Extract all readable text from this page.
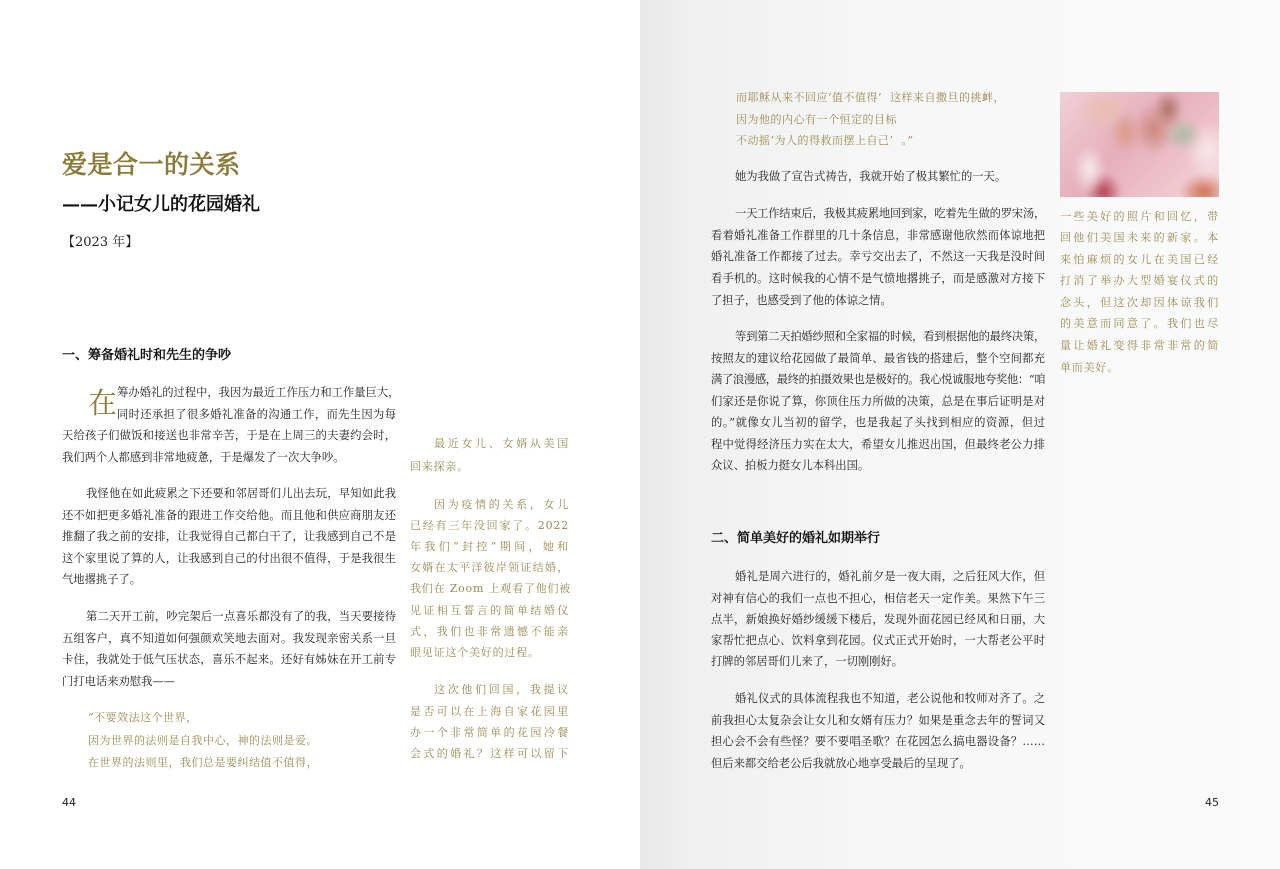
爱是合一的关系
——小记女儿的花园婚礼
【2023 年】
一、筹备婚礼时和先生的争吵
在 筹办婚礼的过程中，我因为最近工作压力和工作量巨大，
同时还承担了很多婚礼准备的沟通工作，而先生因为每
天给孩子们做饭和接送也非常辛苦，于是在上周三的夫妻约会时，
我们两个人都感到非常地疲惫，于是爆发了一次大争吵。
我怪他在如此疲累之下还要和邻居哥们儿出去玩，早知如此我
还不如把更多婚礼准备的跟进工作交给他。而且他和供应商朋友还
推翻了我之前的安排，让我觉得自己都白干了，让我感到自己不是
这个家里说了算的人，让我感到自己的付出很不值得，于是我很生
气地撂挑子了。
第二天开工前，吵完架后一点喜乐都没有了的我，当天要接待
五组客户，真不知道如何强颜欢笑地去面对。我发现亲密关系一旦
卡住，我就处于低气压状态，喜乐不起来。还好有姊妹在开工前专
门打电话来劝慰我——
“不要效法这个世界，
因为世界的法则是自我中心，神的法则是爱。
在世界的法则里，我们总是要纠结值不值得，
最近女儿、女婿从美国
回来探亲。
因为疫情的关系，女儿
已经有三年没回家了。2022
年我们“封控”期间，她和
女婿在太平洋彼岸领证结婚，
我们在 Zoom 上观看了他们被
见证相互誓言的简单结婚仪
式，我们也非常遗憾不能亲
眼见证这个美好的过程。
这次他们回国，我提议
是否可以在上海自家花园里
办一个非常简单的花园冷餐
会式的婚礼？这样可以留下
44
而耶稣从来不回应‘值不值得’  这样来自撒旦的挑衅，
因为他的内心有一个恒定的目标
不动摇‘为人的得救而摆上自己’  。”
她为我做了宣告式祷告，我就开始了极其繁忙的一天。
一天工作结束后，我极其疲累地回到家，吃着先生做的罗宋汤，
看着婚礼准备工作群里的几十条信息，非常感谢他欣然而体谅地把
婚礼准备工作都接了过去。幸亏交出去了，不然这一天我是没时间
看手机的。这时候我的心情不是气愤地撂挑子，而是感激对方接下
了担子，也感受到了他的体谅之情。
等到第二天拍婚纱照和全家福的时候，看到根据他的最终决策，
按照友的建议给花园做了最简单、最省钱的搭建后，整个空间都充
满了浪漫感，最终的拍摄效果也是极好的。我心悦诚服地夸奖他：“咱
们家还是你说了算，你顶住压力所做的决策，总是在事后证明是对
的。”就像女儿当初的留学，也是我起了头找到相应的资源，但过
程中觉得经济压力实在太大，希望女儿推迟出国，但最终老公力排
众议、拍板力挺女儿本科出国。
二、简单美好的婚礼如期举行
婚礼是周六进行的，婚礼前夕是一夜大雨，之后狂风大作，但
对神有信心的我们一点也不担心，相信老天一定作美。果然下午三
点半，新娘换好婚纱缓缓下楼后，发现外面花园已经风和日丽，大
家帮忙把点心、饮料拿到花园。仪式正式开始时，一大帮老公平时
打牌的邻居哥们儿来了，一切刚刚好。
婚礼仪式的具体流程我也不知道，老公说他和牧师对齐了。之
前我担心太复杂会让女儿和女婿有压力？如果是重念去年的誓词又
担心会不会有些怪？要不要唱圣歌？在花园怎么搞电器设备？……
但后来都交给老公后我就放心地享受最后的呈现了。
一些美好的照片和回忆，带
回他们美国未来的新家。本
来怕麻烦的女儿在美国已经
打消了举办大型婚宴仪式的
念头，但这次却因体谅我们
的美意而同意了。我们也尽
量让婚礼变得非常非常的简
单而美好。
45
